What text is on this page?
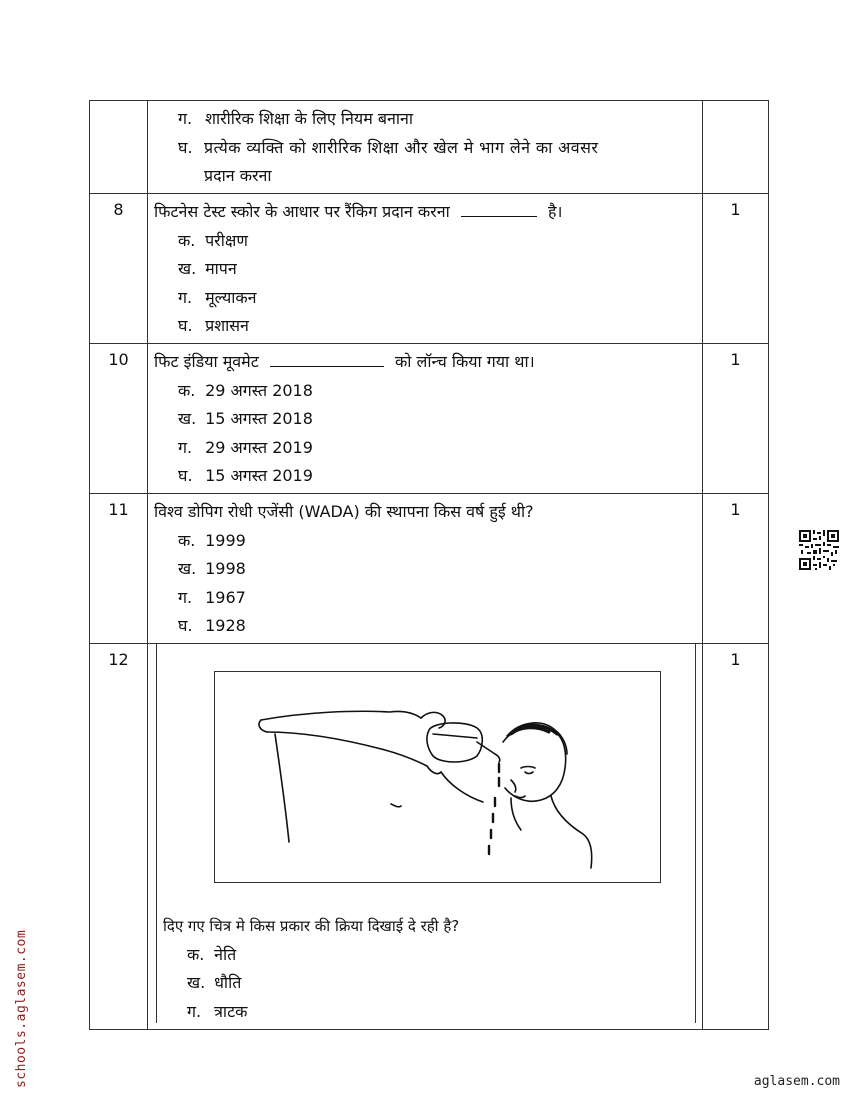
	ग. शारीरिक शिक्षा के लिए नियम बनाना
घ. प्रत्येक व्यक्ति को शारीरिक शिक्षा और खेल मे भाग लेने का अवसर
प्रदान करना	

8	फिटनेस टेस्ट स्कोर के आधार पर रैंकिग प्रदान करना है।
क. परीक्षण
ख. मापन
ग. मूल्याकन
घ. प्रशासन	1
10	फिट इंडिया मूवमेट को लॉन्च किया गया था।
क. 29 अगस्त 2018
ख. 15 अगस्त 2018
ग. 29 अगस्त 2019
घ. 15 अगस्त 2019	1
11	विश्व डोपिग रोधी एजेंसी (WADA) की स्थापना किस वर्ष हुई थी?
क. 1999
ख. 1998
ग. 1967
घ. 1928	1
12	दिए गए चित्र मे किस प्रकार की क्रिया दिखाई दे रही है?
क. नेति
ख. धौति
ग. त्राटक	1
schools.aglasem.com	aglasem.com
